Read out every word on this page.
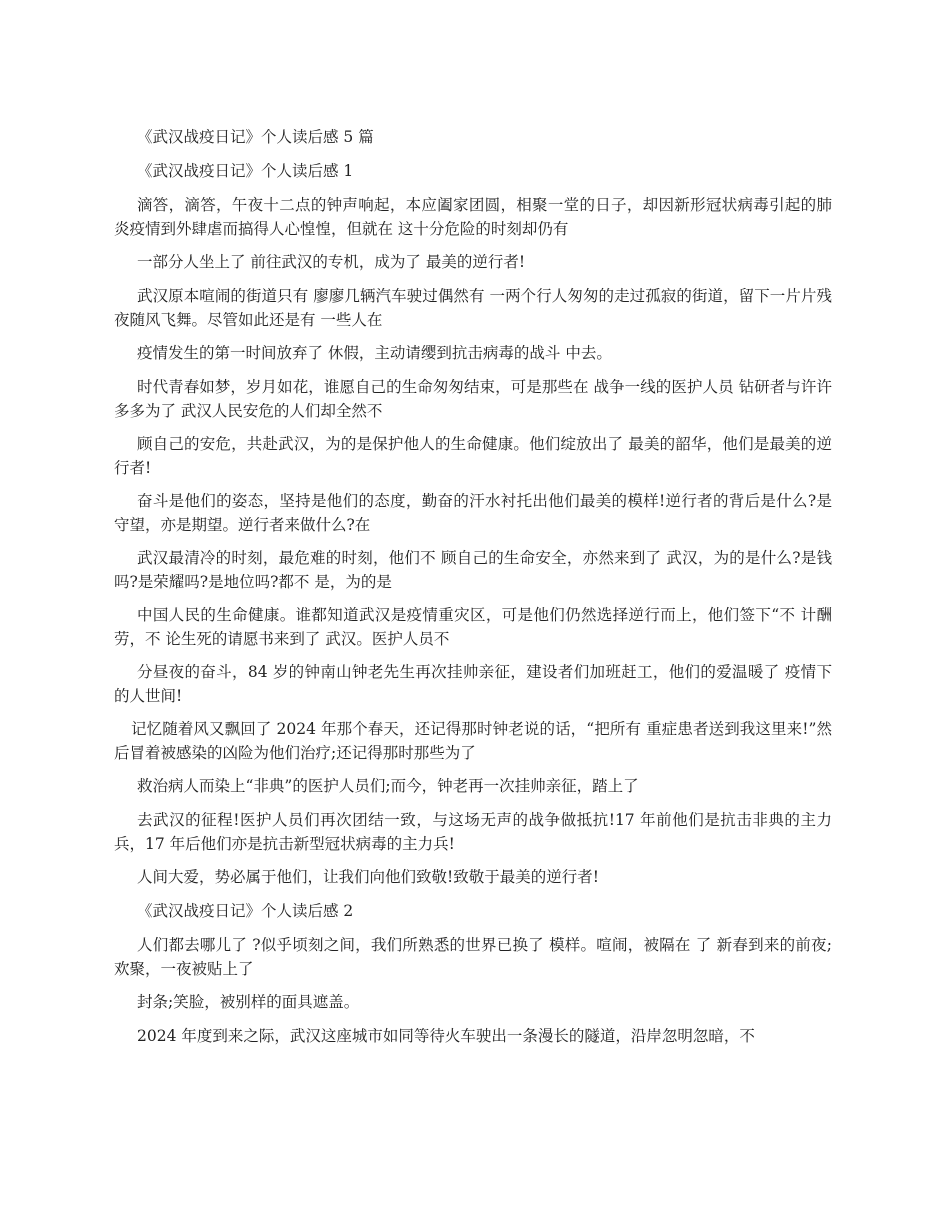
《武汉战疫日记》个人读后感 5 篇

《武汉战疫日记》个人读后感 1

滴答，滴答，午夜十二点的钟声响起，本应阖家团圆，相聚一堂的日子，却因新形冠状病毒引起的肺炎疫情到外肆虐而搞得人心惶惶，但就在 这十分危险的时刻却仍有

一部分人坐上了 前往武汉的专机，成为了 最美的逆行者!

武汉原本喧闹的街道只有 廖廖几辆汽车驶过偶然有 一两个行人匆匆的走过孤寂的街道，留下一片片残夜随风飞舞。尽管如此还是有 一些人在

疫情发生的第一时间放弃了 休假，主动请缨到抗击病毒的战斗 中去。

时代青春如梦，岁月如花，谁愿自己的生命匆匆结束，可是那些在 战争一线的医护人员 钻研者与许许多多为了 武汉人民安危的人们却全然不

顾自己的安危，共赴武汉，为的是保护他人的生命健康。他们绽放出了 最美的韶华，他们是最美的逆行者!

奋斗是他们的姿态，坚持是他们的态度，勤奋的汗水衬托出他们最美的模样!逆行者的背后是什么?是守望，亦是期望。逆行者来做什么?在

武汉最清冷的时刻，最危难的时刻，他们不 顾自己的生命安全，亦然来到了 武汉，为的是什么?是钱吗?是荣耀吗?是地位吗?都不 是，为的是

中国人民的生命健康。谁都知道武汉是疫情重灾区，可是他们仍然选择逆行而上，他们签下“不 计酬劳，不 论生死的请愿书来到了 武汉。医护人员不

分昼夜的奋斗，84 岁的钟南山钟老先生再次挂帅亲征，建设者们加班赶工，他们的爱温暖了 疫情下的人世间!

记忆随着风又飘回了 2024 年那个春天，还记得那时钟老说的话，“把所有 重症患者送到我这里来!”然后冒着被感染的凶险为他们治疗;还记得那时那些为了

救治病人而染上“非典”的医护人员们;而今，钟老再一次挂帅亲征，踏上了

去武汉的征程!医护人员们再次团结一致，与这场无声的战争做抵抗!17 年前他们是抗击非典的主力兵，17 年后他们亦是抗击新型冠状病毒的主力兵!

人间大爱，势必属于他们，让我们向他们致敬!致敬于最美的逆行者!

《武汉战疫日记》个人读后感 2

人们都去哪儿了 ?似乎顷刻之间，我们所熟悉的世界已换了 模样。喧闹，被隔在 了 新春到来的前夜;欢聚，一夜被贴上了

封条;笑脸，被别样的面具遮盖。

2024 年度到来之际，武汉这座城市如同等待火车驶出一条漫长的隧道，沿岸忽明忽暗，不
